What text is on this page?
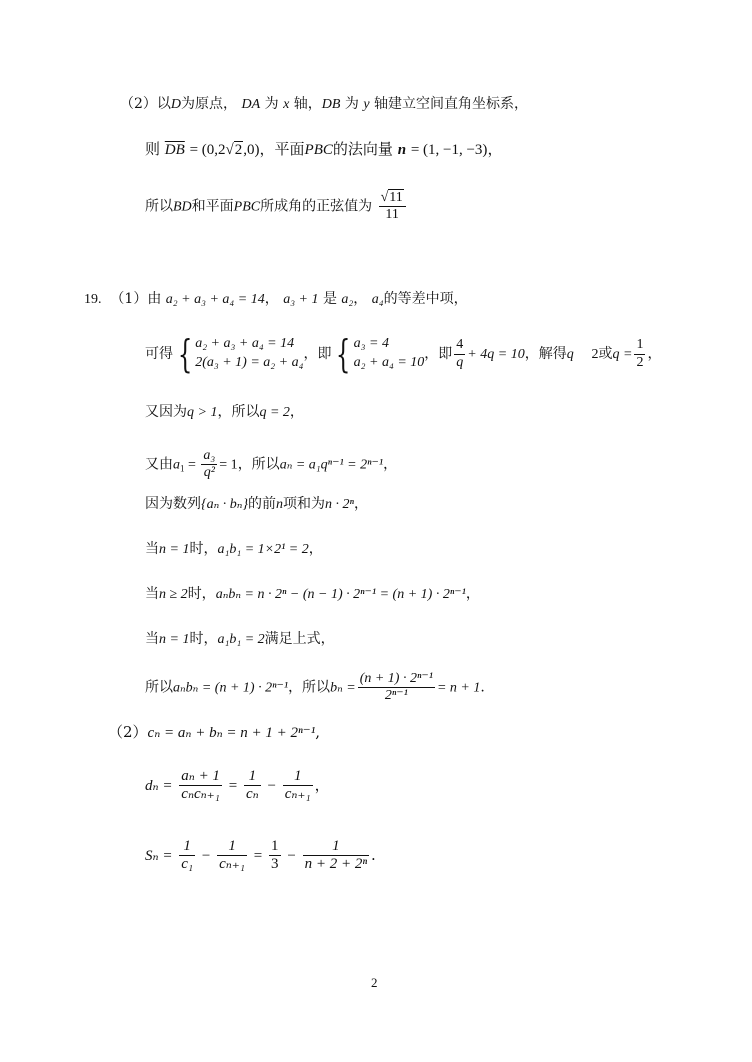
（2）以D为原点， DA 为 x 轴，DB 为 y 轴建立空间直角坐标系，
则 $\overline{DB} = (0,2√2,0)$，平面PBC的法向量 n = (1, −1, −3)，
所以BD和平面PBC所成角的正弦值为 $\frac{√11}{11}$
19. （1）由 a₂ + a₃ + a₄ = 14， a₃ + 1 是 a₂， a₄的等差中项，
可得 { a₂ + a₃ + a₄ = 14
2(a₃ + 1) = a₂ + a₄
，即 { a₃ = 4
a₂ + a₄ = 10
，即 $\frac{4}{q} + 4q = 10$，解得q 2或$q = \frac{1}{2}$ ，
又因为q > 1，所以q = 2，
又由$a_1 = \frac{\text{a₃}}{\text{q²}} = 1$，所以aₙ = a₁qⁿ⁻¹ = 2ⁿ⁻¹，
因为数列{aₙ · bₙ}的前n项和为n · 2ⁿ，
当n = 1时，a₁b₁ = 1×2¹ = 2，
当n ≥ 2时，aₙbₙ = n · 2ⁿ − (n − 1) · 2ⁿ⁻¹ = (n + 1) · 2ⁿ⁻¹，
当n = 1时，a₁b₁ = 2满足上式，
所以aₙbₙ = (n + 1) · 2ⁿ⁻¹，所以$b_n = \frac{\text{(n + 1) · 2ⁿ⁻¹}}{\text{2ⁿ⁻¹}} = n + 1$.
（2）cₙ = aₙ + bₙ = n + 1 + 2ⁿ⁻¹,
$d_n = \frac{\text{aₙ + 1}}{\text{cₙcₙ₊₁}} = \frac{1}{\text{cₙ}} - \frac{1}{\text{cₙ₊₁}}$ ，
$S_n = \frac{1}{\text{c₁}} - \frac{1}{\text{cₙ₊₁}} = \frac{1}{3} - \frac{1}{\text{n + 2 + 2ⁿ}}$ .
2
